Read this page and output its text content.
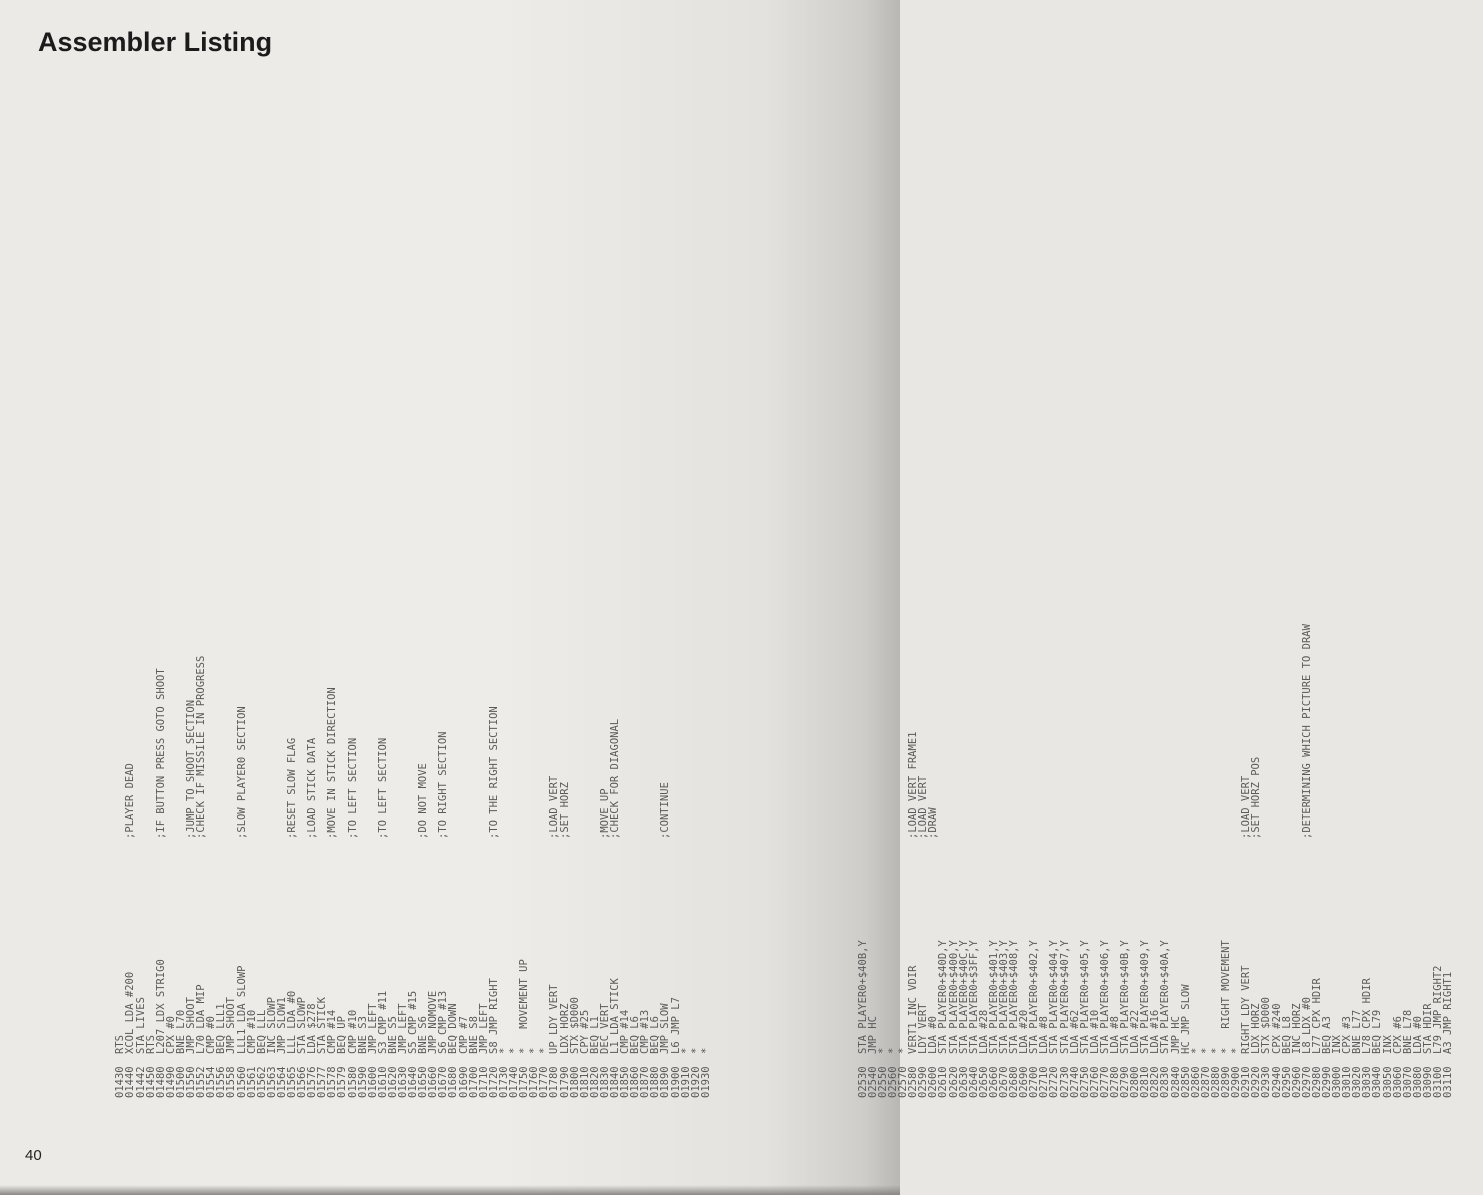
Assembler Listing

01430RTS
01440XCOL LDA #200;PLAYER DEAD
01442STA LIVES
01450RTS
01480L207 LDX STRIG0;IF BUTTON PRESS GOTO SHOOT
01490CPX #0
01500BNE L70
01550JMP SHOOT;JUMP TO SHOOT SECTION
01552L70 LDA MIP;CHECK IF MISSILE IN PROGRESS
01554CMP #0
01556BEQ LLL1
01558JMP SHOOT
01560LLL1 LDA SLOWP;SLOW PLAYER0 SECTION
01561CMP #10
01562BEQ LLL
01563INC SLOWP
01564JMP SLOW1
01565LLL LDA #0;RESET SLOW FLAG
01566STA SLOWP
01576LDA $278;LOAD STICK DATA
01577STA STICK
01578CMP #14;MOVE IN STICK DIRECTION
01579BEQ UP
01580CMP #10;TO LEFT SECTION
01590BNE S3
01600JMP LEFT
01610S3 CMP #11;TO LEFT SECTION
01620BNE S5
01630JMP LEFT
01640S5 CMP #15
01650BNE S6;DO NOT MOVE
01660JMP NOMOVE
01670S6 CMP #13;TO RIGHT SECTION
01680BEQ DOWN
01690CMP #7
01700BNE S8
01710JMP LEFT
01720S8 JMP RIGHT;TO THE RIGHT SECTION
01730*
01740*
01750*   MOVEMENT UP
01760*
01770*
01780UP LDY VERT;LOAD VERT
01790LDX HORZ;SET HORZ
01800STX $D000
01810CPY #25
01820BEQ L1
01830DEC VERT;MOVE UP
01840L1 LDA STICK;CHECK FOR DIAGONAL
01850CMP #14
01860BEQ L6
01870CMP #13
01880BEQ L6
01890JMP SLOW;CONTINUE
01900L6 JMP L7
01910*
01920*
01930*

02530STA PLAYER0+$40B,Y
02540JMP HC
02550*
02560*
02570*
02580VERT1 INC VDIR;LOAD VERT FRAME1
02590LDY VERT;LOAD VERT
02600LDA #0;DRAW
02610STA PLAYER0+$40D,Y
02620STA PLAYER0+$400,Y
02630STA PLAYER0+$40C,Y
02640STA PLAYER0+$3FF,Y
02650LDA #28
02660STA PLAYER0+$401,Y
02670STA PLAYER0+$403,Y
02680STA PLAYER0+$408,Y
02690LDA #20
02700STA PLAYER0+$402,Y
02710LDA #8
02720STA PLAYER0+$404,Y
02730STA PLAYER0+$407,Y
02740LDA #62
02750STA PLAYER0+$405,Y
02760LDA #10
02770STA PLAYER0+$406,Y
02780LDA #8
02790STA PLAYER0+$40B,Y
02800LDA #22
02810STA PLAYER0+$409,Y
02820LDA #16
02830STA PLAYER0+$40A,Y
02840JMP HC
02850HC JMP SLOW
02860*
02870*
02880*
02890*   RIGHT MOVEMENT
02900*
02910RIGHT LDY VERT;LOAD VERT
02920LDX HORZ;SET HORZ POS
02930STX $D000
02940CPX #240
02950BEQ L8
02960INC HORZ
02970L8 LDX #0;DETERMINING WHICH PICTURE TO DRAW
02980L77 CPX HDIR
02990BEQ A3
03000INX
03010CPX #3
03020BNE L77
03030L78 CPX HDIR
03040BEQ L79
03050INX
03060CPX #6
03070BNE L78
03080LDA #0
03090STA HDIR
03100L79 JMP RIGHT2
03110A3 JMP RIGHT1

40
